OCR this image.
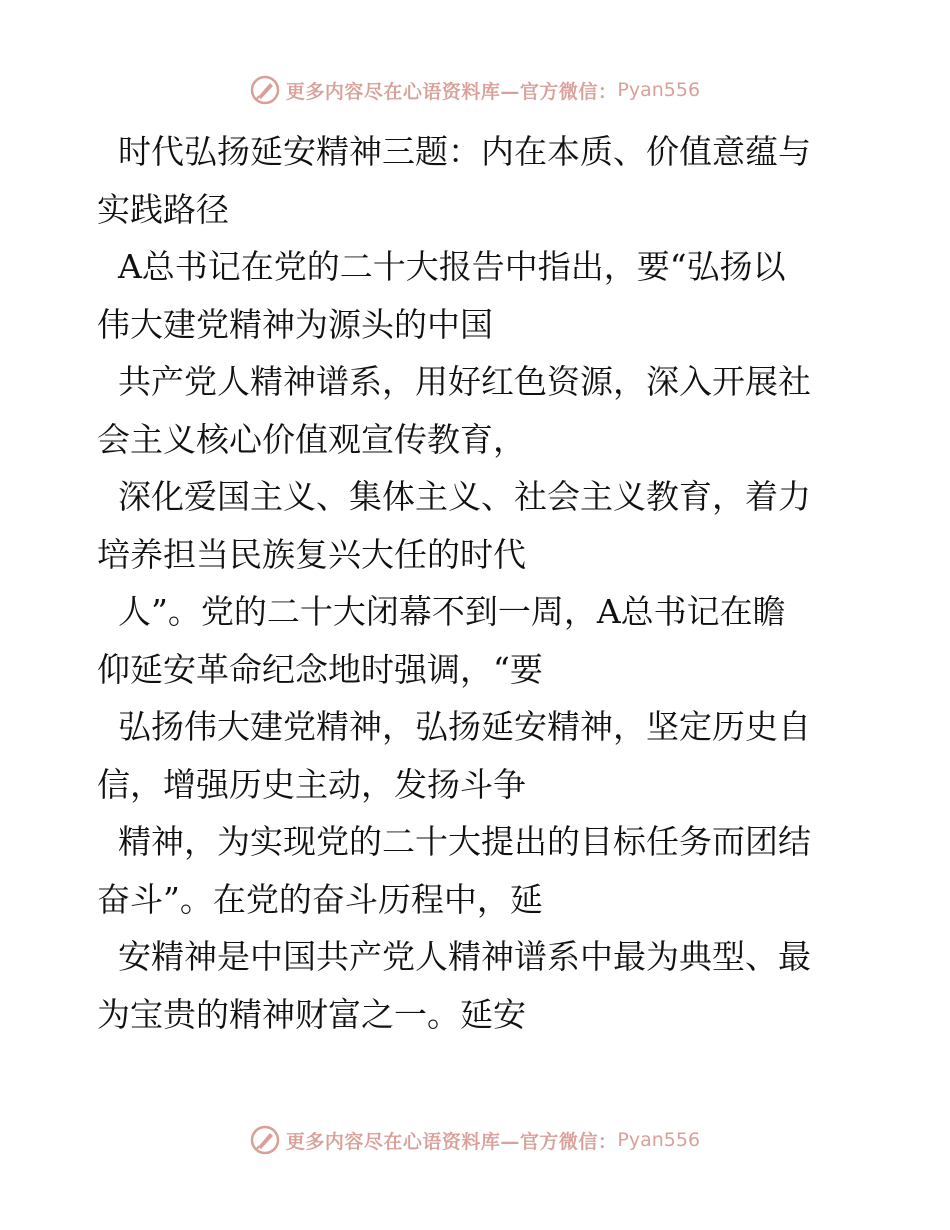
更多内容尽在心语资料库—官方微信： Pyan556
时代弘扬延安精神三题：内在本质、价值意蕴与
实践路径
A总书记在党的二十大报告中指出，要“弘扬以
伟大建党精神为源头的中国
共产党人精神谱系，用好红色资源，深入开展社
会主义核心价值观宣传教育，
深化爱国主义、集体主义、社会主义教育，着力
培养担当民族复兴大任的时代
人”。党的二十大闭幕不到一周，A总书记在瞻
仰延安革命纪念地时强调，“要
弘扬伟大建党精神，弘扬延安精神，坚定历史自
信，增强历史主动，发扬斗争
精神，为实现党的二十大提出的目标任务而团结
奋斗”。在党的奋斗历程中，延
安精神是中国共产党人精神谱系中最为典型、最
为宝贵的精神财富之一。延安
更多内容尽在心语资料库—官方微信： Pyan556
